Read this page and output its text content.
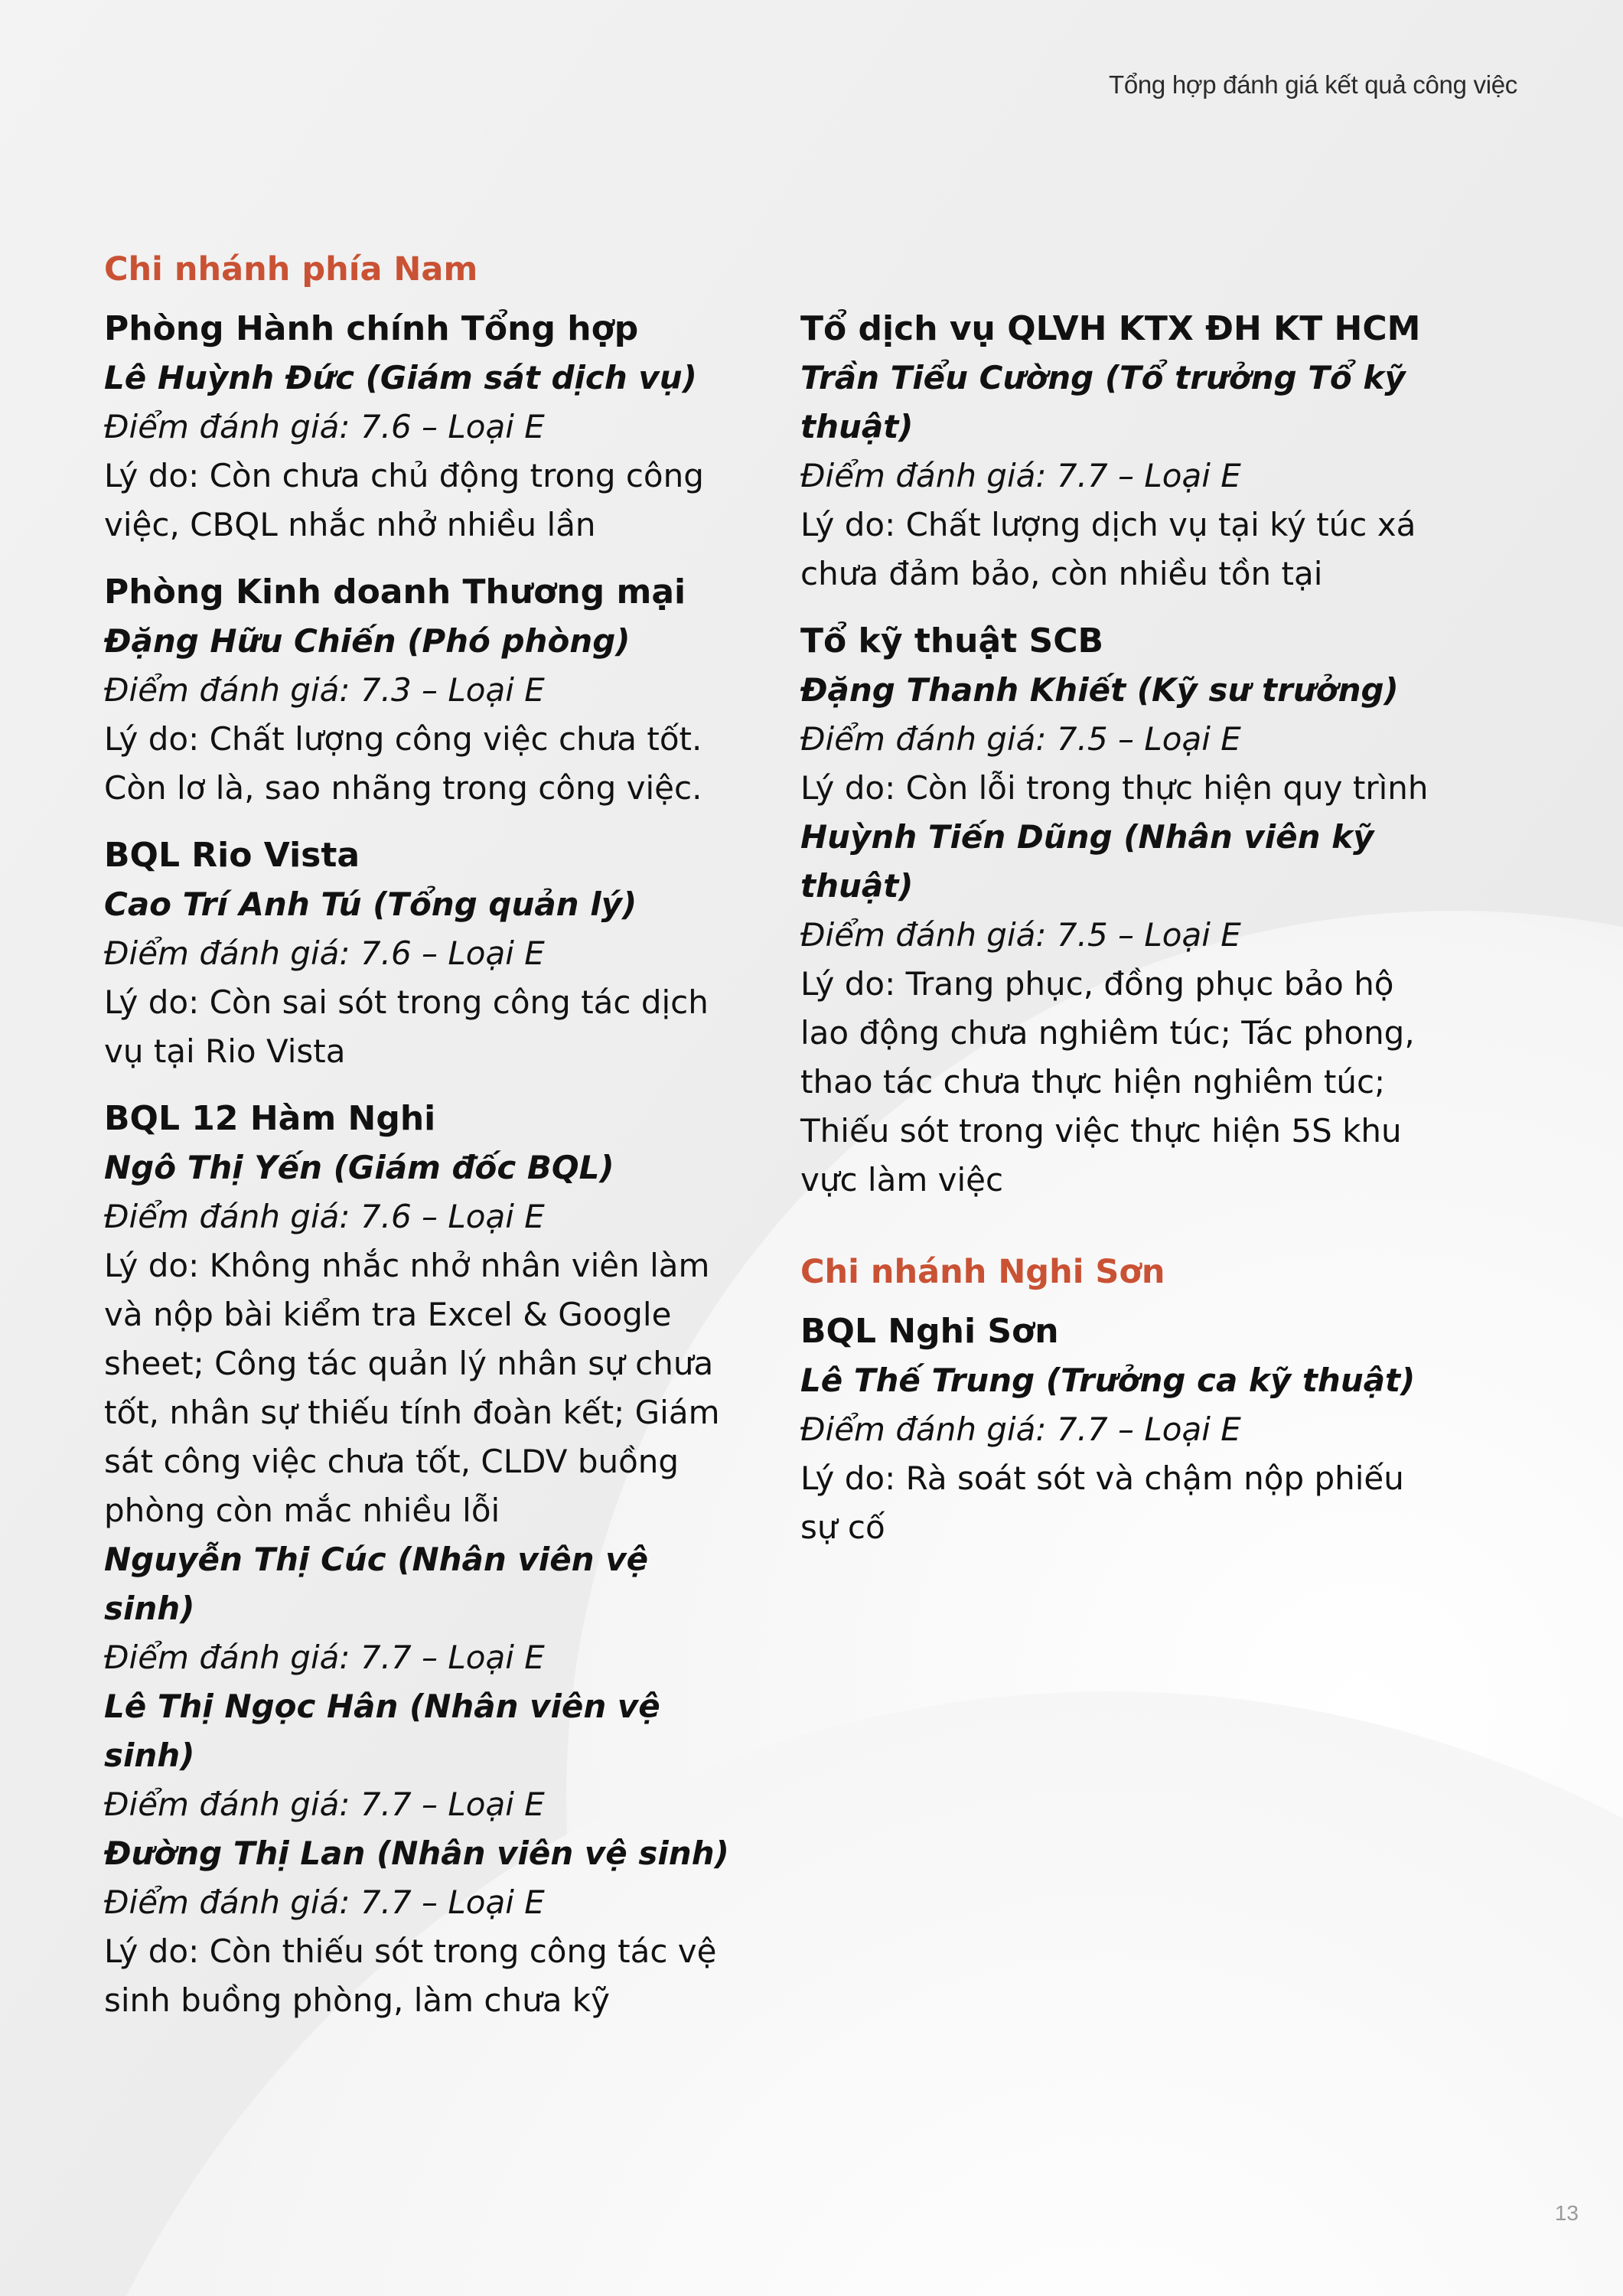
Tổng hợp đánh giá kết quả công việc
Chi nhánh phía Nam
Phòng Hành chính Tổng hợp
Lê Huỳnh Đức (Giám sát dịch vụ)
Điểm đánh giá: 7.6 – Loại E
Lý do: Còn chưa chủ động trong công việc, CBQL nhắc nhở nhiều lần
Phòng Kinh doanh Thương mại
Đặng Hữu Chiến (Phó phòng)
Điểm đánh giá: 7.3 – Loại E
Lý do: Chất lượng công việc chưa tốt. Còn lơ là, sao nhãng trong công việc.
BQL Rio Vista
Cao Trí Anh Tú (Tổng quản lý)
Điểm đánh giá: 7.6 – Loại E
Lý do: Còn sai sót trong công tác dịch vụ tại Rio Vista
BQL 12 Hàm Nghi
Ngô Thị Yến (Giám đốc BQL)
Điểm đánh giá: 7.6 – Loại E
Lý do: Không nhắc nhở nhân viên làm và nộp bài kiểm tra Excel & Google sheet; Công tác quản lý nhân sự chưa tốt, nhân sự thiếu tính đoàn kết; Giám sát công việc chưa tốt, CLDV buồng phòng còn mắc nhiều lỗi
Nguyễn Thị Cúc (Nhân viên vệ sinh)
Điểm đánh giá: 7.7 – Loại E
Lê Thị Ngọc Hân (Nhân viên vệ sinh)
Điểm đánh giá: 7.7 – Loại E
Đường Thị Lan (Nhân viên vệ sinh)
Điểm đánh giá: 7.7 – Loại E
Lý do: Còn thiếu sót trong công tác vệ sinh buồng phòng, làm chưa kỹ
Tổ dịch vụ QLVH KTX ĐH KT HCM
Trần Tiểu Cường (Tổ trưởng Tổ kỹ thuật)
Điểm đánh giá: 7.7 – Loại E
Lý do: Chất lượng dịch vụ tại ký túc xá chưa đảm bảo, còn nhiều tồn tại
Tổ kỹ thuật SCB
Đặng Thanh Khiết (Kỹ sư trưởng)
Điểm đánh giá: 7.5 – Loại E
Lý do: Còn lỗi trong thực hiện quy trình
Huỳnh Tiến Dũng (Nhân viên kỹ thuật)
Điểm đánh giá: 7.5 – Loại E
Lý do: Trang phục, đồng phục bảo hộ lao động chưa nghiêm túc; Tác phong, thao tác chưa thực hiện nghiêm túc; Thiếu sót trong việc thực hiện 5S khu vực làm việc
Chi nhánh Nghi Sơn
BQL Nghi Sơn
Lê Thế Trung (Trưởng ca kỹ thuật)
Điểm đánh giá: 7.7 – Loại E
Lý do: Rà soát sót và chậm nộp phiếu sự cố
13
